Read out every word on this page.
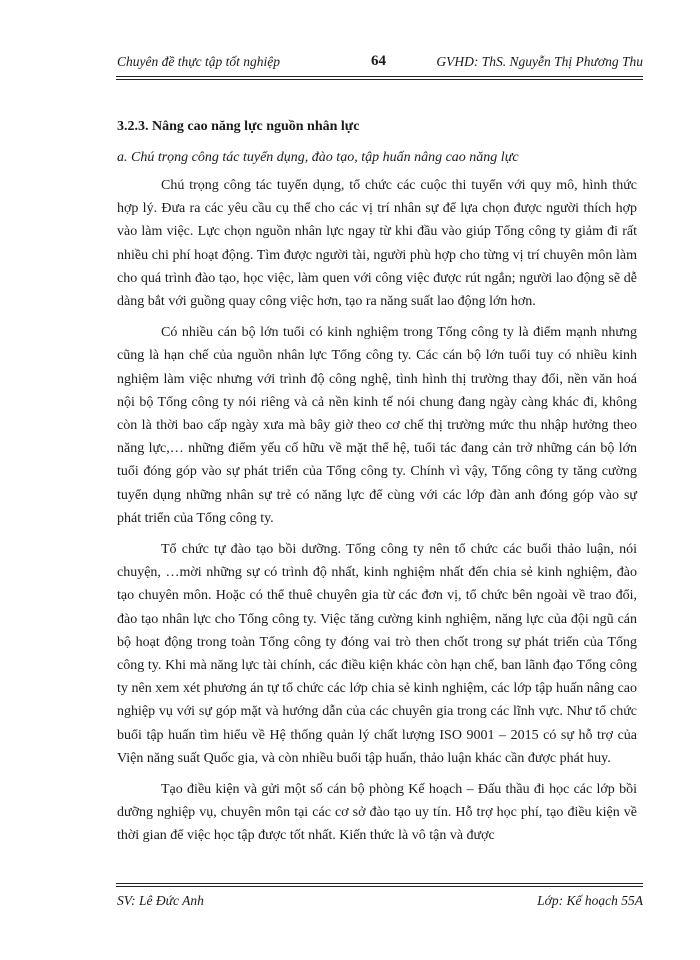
Chuyên đề thực tập tốt nghiệp	64	GVHD: ThS. Nguyễn Thị Phương Thu
3.2.3. Nâng cao năng lực nguồn nhân lực
a. Chú trọng công tác tuyển dụng, đào tạo, tập huấn nâng cao năng lực

Chú trọng công tác tuyển dụng, tổ chức các cuộc thi tuyển với quy mô, hình thức hợp lý. Đưa ra các yêu cầu cụ thể cho các vị trí nhân sự để lựa chọn được người thích hợp vào làm việc. Lực chọn nguồn nhân lực ngay từ khi đầu vào giúp Tổng công ty giảm đi rất nhiều chi phí hoạt động. Tìm được người tài, người phù hợp cho từng vị trí chuyên môn làm cho quá trình đào tạo, học việc, làm quen với công việc được rút ngắn; người lao động sẽ dễ dàng bắt với guồng quay công việc hơn, tạo ra năng suất lao động lớn hơn.

Có nhiều cán bộ lớn tuổi có kinh nghiệm trong Tổng công ty là điểm mạnh nhưng cũng là hạn chế của nguồn nhân lực Tổng công ty. Các cán bộ lớn tuổi tuy có nhiều kinh nghiệm làm việc nhưng với trình độ công nghệ, tình hình thị trường thay đổi, nền văn hoá nội bộ Tổng công ty nói riêng và cả nền kinh tế nói chung đang ngày càng khác đi, không còn là thời bao cấp ngày xưa mà bây giờ theo cơ chế thị trường mức thu nhập hưởng theo năng lực,… những điểm yếu cố hữu về mặt thể hệ, tuổi tác đang cản trở những cán bộ lớn tuổi đóng góp vào sự phát triển của Tổng công ty. Chính vì vậy, Tổng công ty tăng cường tuyển dụng những nhân sự trẻ có năng lực để cùng với các lớp đàn anh đóng góp vào sự phát triển của Tổng công ty.

Tổ chức tự đào tạo bồi dưỡng. Tổng công ty nên tổ chức các buổi thảo luận, nói chuyện, …mời những sự có trình độ nhất, kinh nghiệm nhất đến chia sẻ kinh nghiệm, đào tạo chuyên môn. Hoặc có thể thuê chuyên gia từ các đơn vị, tổ chức bên ngoài về trao đổi, đào tạo nhân lực cho Tổng công ty. Việc tăng cường kinh nghiệm, năng lực của đội ngũ cán bộ hoạt động trong toàn Tổng công ty đóng vai trò then chốt trong sự phát triển của Tổng công ty. Khi mà năng lực tài chính, các điều kiện khác còn hạn chế, ban lãnh đạo Tổng công ty nên xem xét phương án tự tổ chức các lớp chia sẻ kinh nghiệm, các lớp tập huấn nâng cao nghiệp vụ với sự góp mặt và hướng dẫn của các chuyên gia trong các lĩnh vực. Như tổ chức buổi tập huấn tìm hiểu về Hệ thống quản lý chất lượng ISO 9001 – 2015 có sự hỗ trợ của Viện năng suất Quốc gia, và còn nhiều buổi tập huấn, thảo luận khác cần được phát huy.

Tạo điều kiện và gửi một số cán bộ phòng Kế hoạch – Đấu thầu đi học các lớp bồi dưỡng nghiệp vụ, chuyên môn tại các cơ sở đào tạo uy tín. Hỗ trợ học phí, tạo điều kiện về thời gian để việc học tập được tốt nhất. Kiến thức là vô tận và được

SV: Lê Đức Anh	Lớp: Kế hoạch 55A
